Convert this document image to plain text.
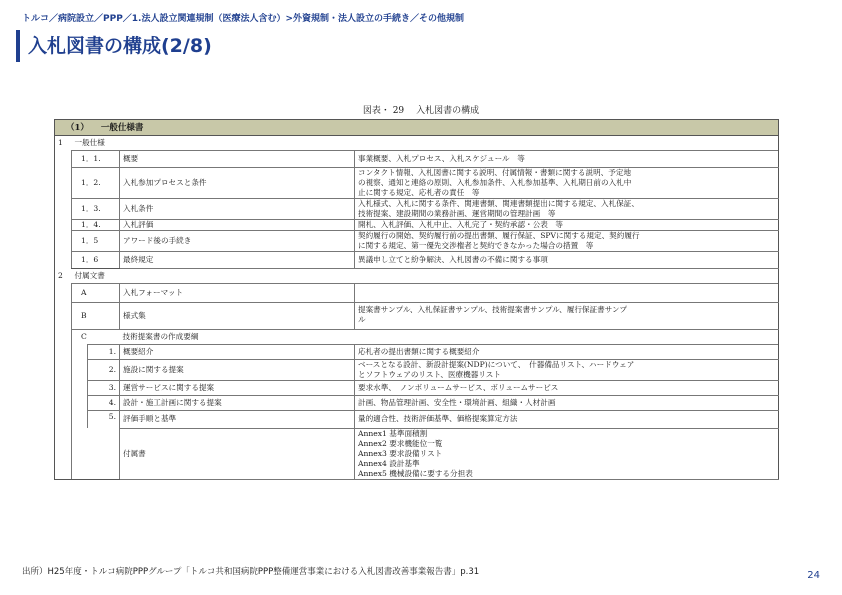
トルコ／病院設立／PPP／1.法人設立関連規制（医療法人含む）>外資規制・法人設立の手続き／その他規制
入札図書の構成(2/8)
図表・ 29 入札図書の構成
（1） 一般仕様書				
1	一般仕様			
	1．1.		概要	事業概要、入札プロセス、入札スケジュール　等

	1．2.		入札参加プロセスと条件	コンタクト情報、入札図書に関する説明、付属情報・書類に関する説明、予定地
の視察、通知と連絡の原則、入札参加条件、入札参加基準、入札期日前の入札中
止に関する規定、応札者の責任　等

	1．3.		入札条件	入札様式、入札に関する条件、関連書類、関連書類提出に関する規定、入札保証、
技術提案、建設期間の業務計画、運営期間の管理計画　等

	1．4.		入札評価	開札、入札評価、入札中止、入札完了・契約承認・公表　等

	1．5		アワード後の手続き	契約履行の開始、契約履行前の提出書類、履行保証、SPVに関する規定、契約履行
に関する規定、第一優先交渉権者と契約できなかった場合の措置　等

	1．6		最終規定	異議申し立てと紛争解決、入札図書の不備に関する事項

2	付属文書			
	A		入札フォーマット	
	B		様式集	提案書サンプル、入札保証書サンプル、技術提案書サンプル、履行保証書サンプ
ル

	C		技術提案書の作成要綱	
		1.	概要紹介	応札者の提出書類に関する概要紹介

		2.	施設に関する提案	ベースとなる設計、新設計提案(NDP)について、　什器備品リスト、ハードウェア
とソフトウェアのリスト、医療機器リスト

		3.	運営サービスに関する提案	要求水準、　ノンボリュームサービス、ボリュームサービス

		4.	設計・施工計画に関する提案	計画、物品管理計画、安全性・環境計画、組織・人材計画

		5.	評価手順と基準	量的適合性、技術評価基準、価格提案算定方法

			付属書	Annex1 基準面積割
Annex2 要求機能位一覧
Annex3 要求設備リスト
Annex4 設計基準
Annex5 機械設備に要する分担表
出所）H25年度・トルコ病院PPPグループ「トルコ共和国病院PPP整備運営事業における入札図書改善事業報告書」p.31	24
